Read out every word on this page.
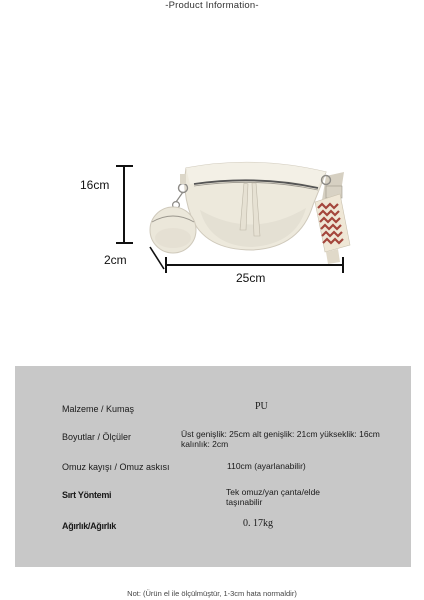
-Product Information-
16cm
2cm
25cm
Malzeme / Kumaş	PU
Boyutlar / Ölçüler	Üst genişlik: 25cm alt genişlik: 21cm yükseklik: 16cm kalınlık: 2cm
Omuz kayışı / Omuz askısı	110cm (ayarlanabilir)
Sırt Yöntemi	Tek omuz/yan çanta/elde taşınabilir
Ağırlık/Ağırlık	0. 17kg
Not: (Ürün el ile ölçülmüştür, 1-3cm hata normaldir)
